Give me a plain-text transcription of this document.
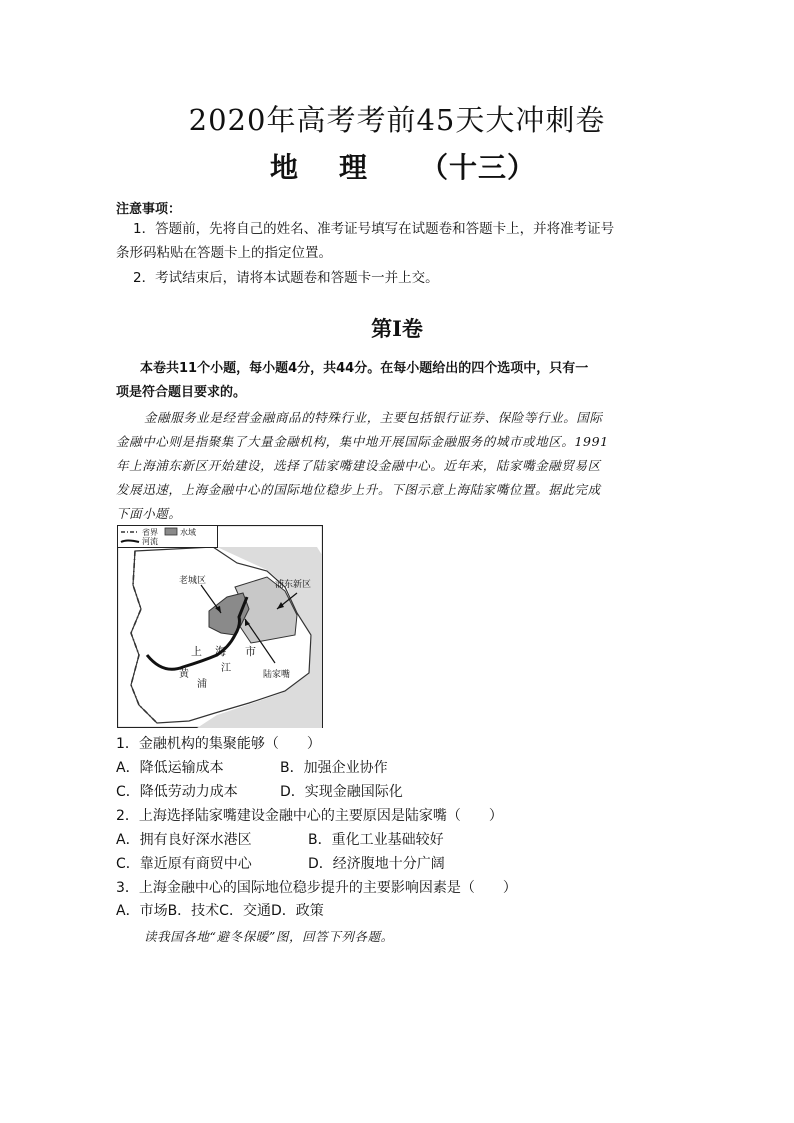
2020年高考考前45天大冲刺卷
地 理 （十三）
注意事项：
1．答题前，先将自己的姓名、准考证号填写在试题卷和答题卡上，并将准考证号
条形码粘贴在答题卡上的指定位置。
2．考试结束后，请将本试题卷和答题卡一并上交。
第Ⅰ卷
本卷共11个小题，每小题4分，共44分。在每小题给出的四个选项中，只有一
项是符合题目要求的。
金融服务业是经营金融商品的特殊行业，主要包括银行证券、保险等行业。国际
金融中心则是指聚集了大量金融机构，集中地开展国际金融服务的城市或地区。1991
年上海浦东新区开始建设，选择了陆家嘴建设金融中心。近年来，陆家嘴金融贸易区
发展迅速，上海金融中心的国际地位稳步上升。下图示意上海陆家嘴位置。据此完成
下面小题。
省界	水域
河流
老城区	浦东新区
上 海 市
黄
浦
江
陆家嘴
1．金融机构的集聚能够（　　）
A．降低运输成本	B．加强企业协作
C．降低劳动力成本	D．实现金融国际化
2．上海选择陆家嘴建设金融中心的主要原因是陆家嘴（　　）
A．拥有良好深水港区	B．重化工业基础较好
C．靠近原有商贸中心	D．经济腹地十分广阔
3．上海金融中心的国际地位稳步提升的主要影响因素是（　　）
A．市场B．技术C．交通D．政策
读我国各地“避冬保暖”图，回答下列各题。
